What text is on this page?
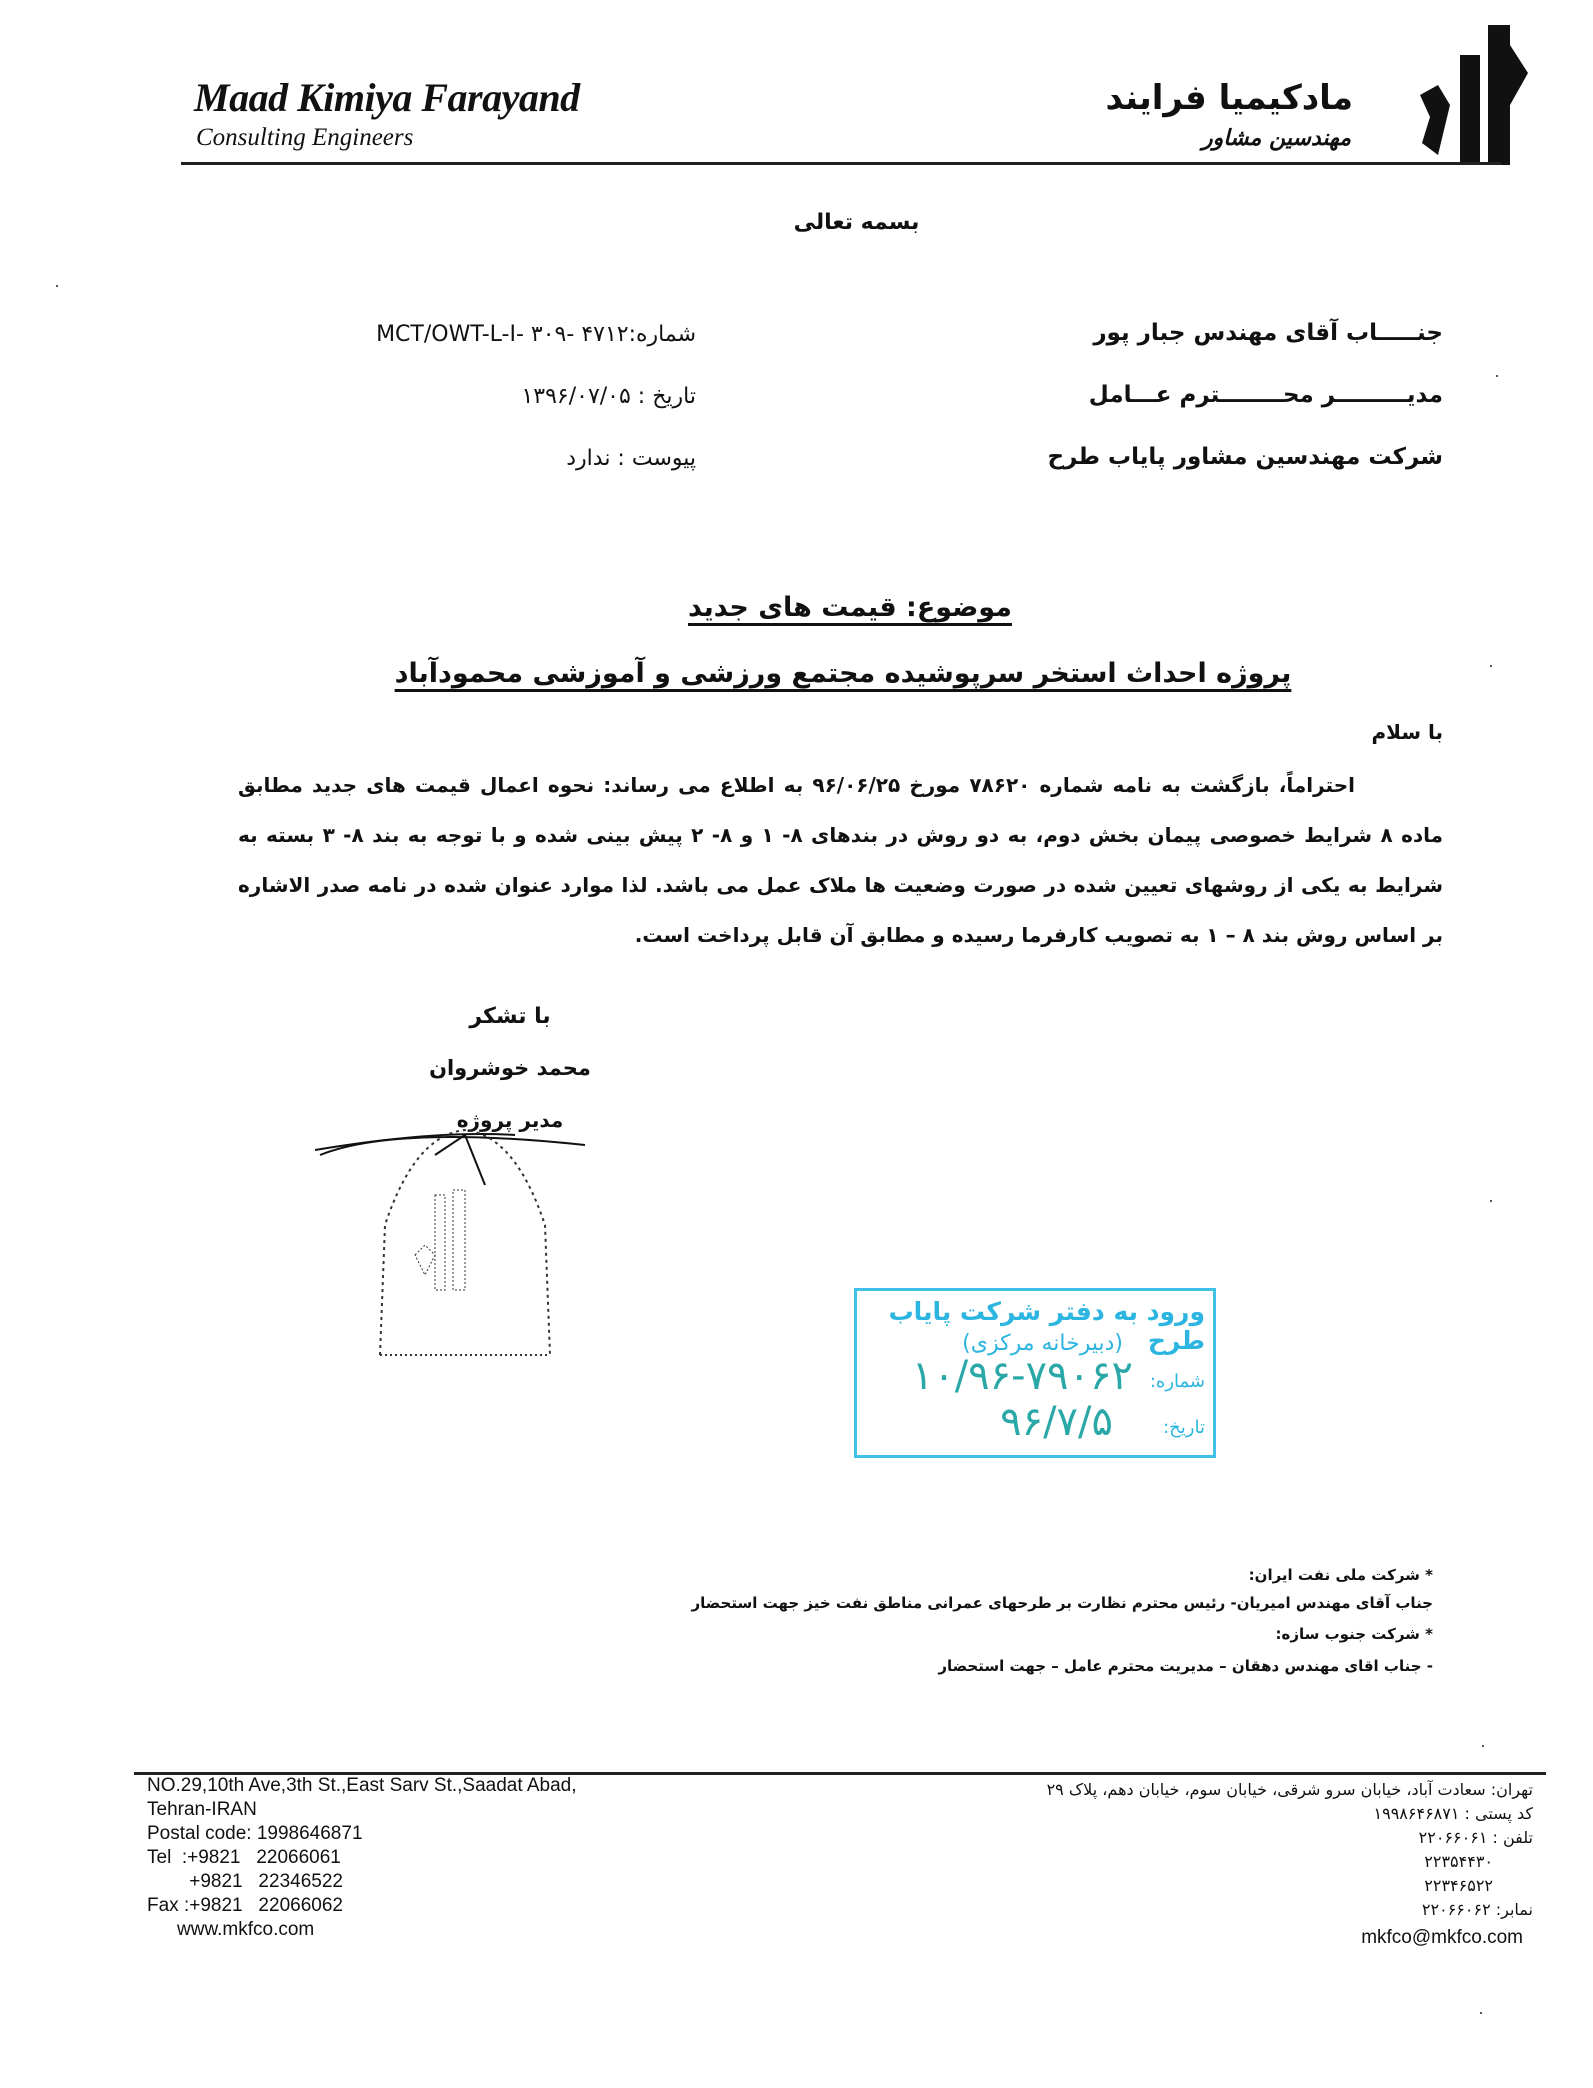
Maad Kimiya Farayand
Consulting Engineers
مادکیمیا فرایند
مهندسین مشاور
بسمه تعالی
جنـــــاب آقای مهندس جبار پور
مدیـــــــــر محــــــــترم عـــامل
شرکت مهندسین مشاور پایاب طرح
شماره:۴۷۱۲ -MCT/OWT-L-I- ۳۰۹
تاریخ : ۱۳۹۶/۰۷/۰۵
پیوست : ندارد
موضوع: قیمت های جدید
پروژه احداث استخر سرپوشیده مجتمع ورزشی و آموزشی محمودآباد
با سلام

احتراماً، بازگشت به نامه شماره ۷۸۶۲۰ مورخ ۹۶/۰۶/۲۵ به اطلاع می رساند: نحوه اعمال قیمت های جدید مطابق ماده ۸ شرایط خصوصی پیمان بخش دوم، به دو روش در بندهای ۸- ۱ و ۸- ۲ پیش بینی شده و با توجه به بند ۸- ۳ بسته به شرایط به یکی از روشهای تعیین شده در صورت وضعیت ها ملاک عمل می باشد. لذا موارد عنوان شده در نامه صدر الاشاره بر اساس روش بند ۸ – ۱ به تصویب کارفرما رسیده و مطابق آن قابل پرداخت است.

با تشکر
محمد خوشروان
مدیر پروژه
ورود به دفتر شرکت پایاب طرح
(دبیرخانه مرکزی)
شماره:
۱۰/۹۶-۷۹۰۶۲
تاریخ:
۹۶/۷/۵
* شرکت ملی نفت ایران:
جناب آقای مهندس امیریان- رئیس محترم نظارت بر طرحهای عمرانی مناطق نفت خیز جهت استحضار
* شرکت جنوب سازه:
- جناب اقای مهندس دهقان – مدیریت محترم عامل – جهت استحضار
NO.29,10th Ave,3th St.,East Sarv St.,Saadat Abad,
Tehran-IRAN
Postal code: 1998646871
Tel  :+9821   22066061
+9821   22346522
Fax :+9821   22066062
www.mkfco.com
تهران: سعادت آباد، خیابان سرو شرقی، خیابان سوم، خیابان دهم، پلاک ۲۹
کد پستی : ۱۹۹۸۶۴۶۸۷۱
تلفن : ۲۲۰۶۶۰۶۱
۲۲۳۵۴۴۳۰
۲۲۳۴۶۵۲۲
نمابر: ۲۲۰۶۶۰۶۲
mkfco@mkfco.com
